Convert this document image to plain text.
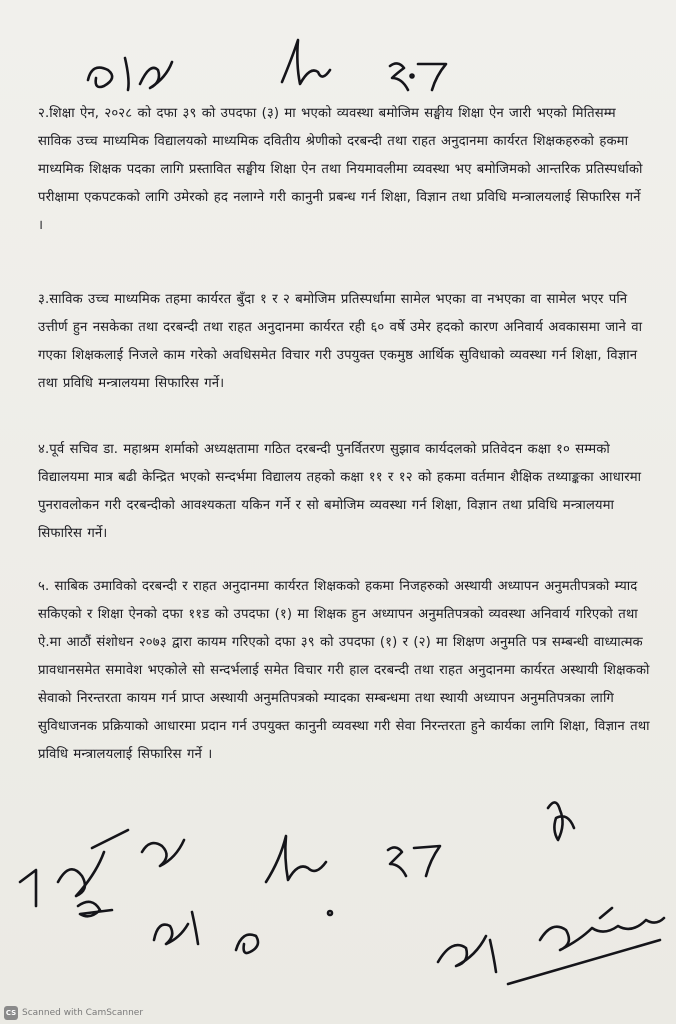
२.शिक्षा ऐन, २०२८ को दफा ३९ को उपदफा (३) मा भएको व्यवस्था बमोजिम सङ्घीय शिक्षा ऐन जारी भएको मितिसम्म साविक उच्च माध्यमिक विद्यालयको माध्यमिक दवितीय श्रेणीको दरबन्दी तथा राहत अनुदानमा कार्यरत शिक्षकहरुको हकमा माध्यमिक शिक्षक पदका लागि प्रस्तावित सङ्घीय शिक्षा ऐन तथा नियमावलीमा व्यवस्था भए बमोजिमको आन्तरिक प्रतिस्पर्धाको परीक्षामा एकपटकको लागि उमेरको हद नलाग्ने गरी कानुनी प्रबन्ध गर्न शिक्षा, विज्ञान तथा प्रविधि मन्त्रालयलाई सिफारिस गर्ने ।

३.साविक उच्च माध्यमिक तहमा कार्यरत बुँदा १ र २ बमोजिम प्रतिस्पर्धामा सामेल भएका वा नभएका वा सामेल भएर पनि उत्तीर्ण हुन नसकेका तथा दरबन्दी तथा राहत अनुदानमा कार्यरत रही ६० वर्षे उमेर हदको कारण अनिवार्य अवकासमा जाने वा गएका शिक्षकलाई निजले काम गरेको अवधिसमेत विचार गरी उपयुक्त एकमुष्ठ आर्थिक सुविधाको व्यवस्था गर्न शिक्षा, विज्ञान तथा प्रविधि मन्त्रालयमा सिफारिस गर्ने।

४.पूर्व सचिव डा. महाश्रम शर्माको अध्यक्षतामा गठित दरबन्दी पुनर्वितरण सुझाव कार्यदलको प्रतिवेदन कक्षा १० सम्मको विद्यालयमा मात्र बढी केन्द्रित भएको सन्दर्भमा विद्यालय तहको कक्षा ११ र १२ को हकमा वर्तमान शैक्षिक तथ्याङ्कका आधारमा पुनरावलोकन गरी दरबन्दीको आवश्यकता यकिन गर्ने र सो बमोजिम व्यवस्था गर्न शिक्षा, विज्ञान तथा प्रविधि मन्त्रालयमा सिफारिस गर्ने।

५. साबिक उमाविको दरबन्दी र राहत अनुदानमा कार्यरत शिक्षकको हकमा निजहरुको अस्थायी अध्यापन अनुमतीपत्रको म्याद सकिएको र शिक्षा ऐनको दफा ११ड को उपदफा (१) मा शिक्षक हुन अध्यापन अनुमतिपत्रको व्यवस्था अनिवार्य गरिएको तथा ऐ.मा आठौं संशोधन २०७३ द्वारा कायम गरिएको दफा ३९ को उपदफा (१) र (२) मा शिक्षण अनुमति पत्र सम्बन्धी वाध्यात्मक प्रावधानसमेत समावेश भएकोले सो सन्दर्भलाई समेत विचार गरी हाल दरबन्दी तथा राहत अनुदानमा कार्यरत अस्थायी शिक्षकको सेवाको निरन्तरता कायम गर्न प्राप्त अस्थायी अनुमतिपत्रको म्यादका सम्बन्धमा तथा स्थायी अध्यापन अनुमतिपत्रका लागि सुविधाजनक प्रक्रियाको आधारमा प्रदान गर्न उपयुक्त कानुनी व्यवस्था गरी सेवा निरन्तरता हुने कार्यका लागि शिक्षा, विज्ञान तथा प्रविधि मन्त्रालयलाई सिफारिस गर्ने ।

CS Scanned with CamScanner
